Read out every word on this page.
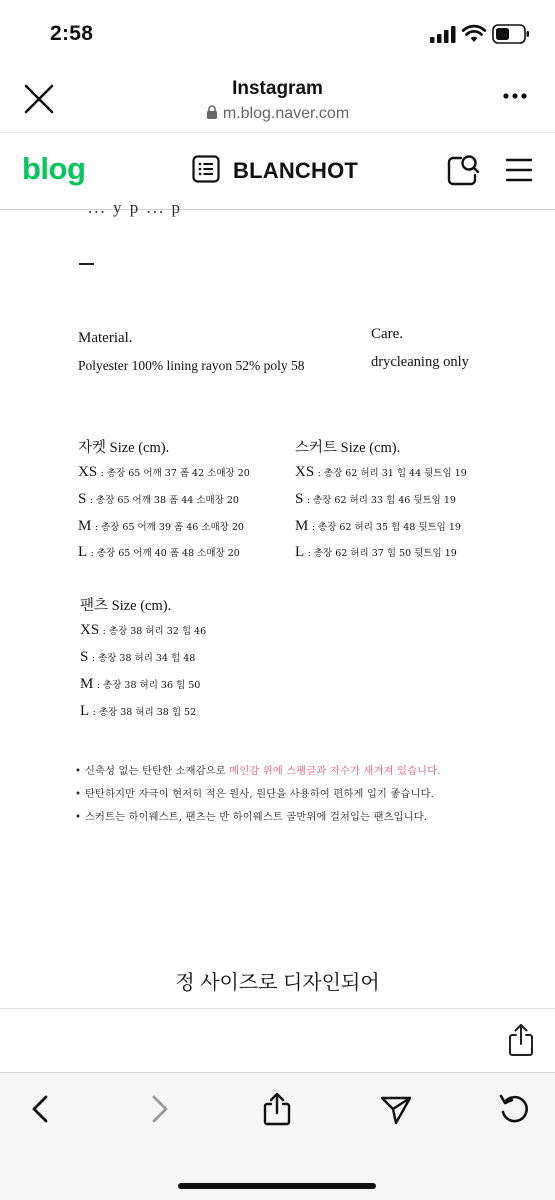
2:58
Instagram
m.blog.naver.com
blog	BLANCHOT
... y p ... p
Material.
Polyester 100% lining rayon 52% poly 58
Care.
drycleaning only
자켓 Size (cm).
XS : 총장 65 어깨 37 폼 42 소매장 20
S : 총장 65 어깨 38 폼 44 소매장 20
M : 총장 65 어깨 39 폼 46 소매장 20
L : 총장 65 어깨 40 폼 48 소매장 20
스커트 Size (cm).
XS : 총장 62 허리 31 힙 44 뒷트임 19
S : 총장 62 허리 33 힙 46 뒷트임 19
M : 총장 62 허리 35 힙 48 뒷트임 19
L : 총장 62 허리 37 힙 50 뒷트임 19
팬츠 Size (cm).
XS : 총장 38 허리 32 힙 46
S : 총장 38 허리 34 힙 48
M : 총장 38 허리 36 힙 50
L : 총장 38 허리 38 힙 52
• 신축성 없는 탄탄한 소재감으로 메인감 위에 스팽글과 자수가 새겨져 있습니다.
• 탄탄하지만 자극이 현저히 적은 원사, 원단을 사용하여 편하게 입기 좋습니다.
• 스커트는 하이웨스트, 팬츠는 반 하이웨스트 골반위에 걸쳐입는 팬츠입니다.
정 사이즈로 디자인되어
